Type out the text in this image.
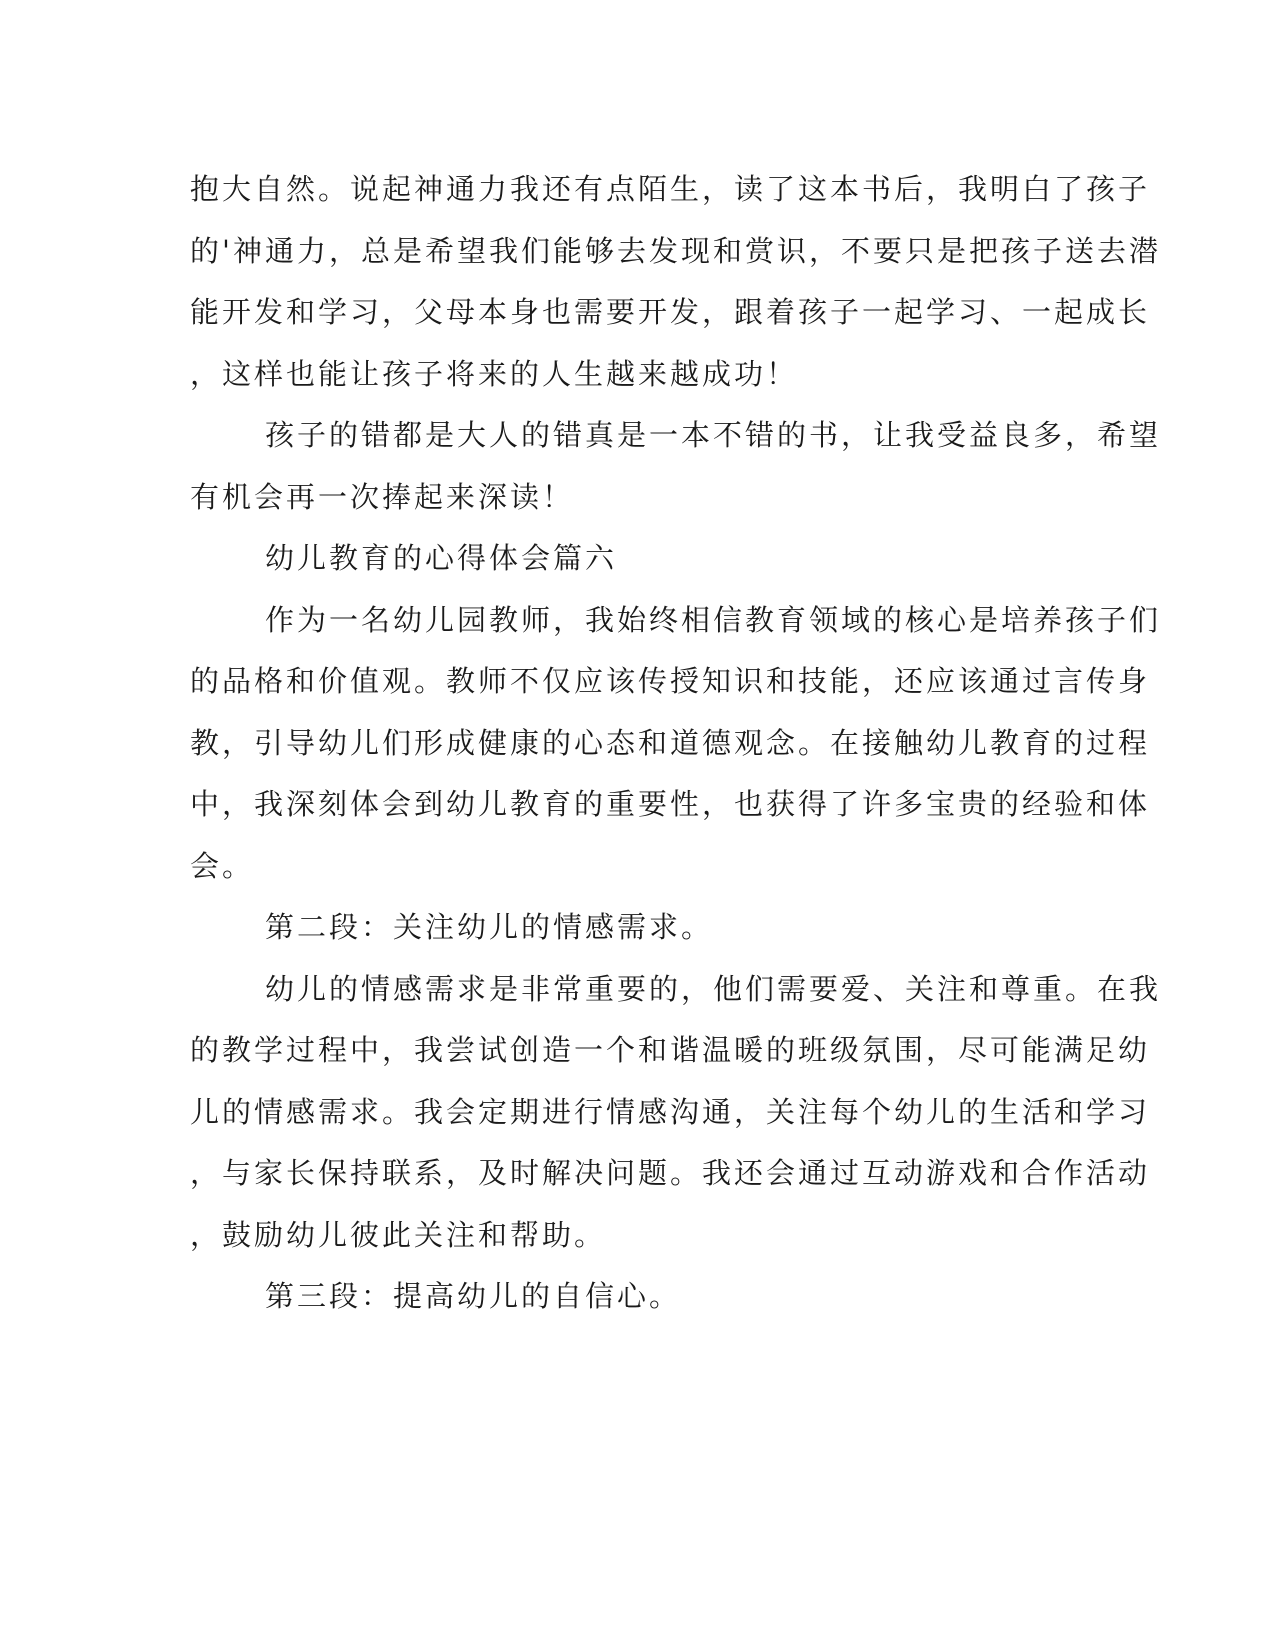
抱大自然。说起神通力我还有点陌生，读了这本书后，我明白了孩子
的'神通力，总是希望我们能够去发现和赏识，不要只是把孩子送去潜
能开发和学习，父母本身也需要开发，跟着孩子一起学习、一起成长
，这样也能让孩子将来的人生越来越成功！
孩子的错都是大人的错真是一本不错的书，让我受益良多，希望
有机会再一次捧起来深读！
幼儿教育的心得体会篇六
作为一名幼儿园教师，我始终相信教育领域的核心是培养孩子们
的品格和价值观。教师不仅应该传授知识和技能，还应该通过言传身
教，引导幼儿们形成健康的心态和道德观念。在接触幼儿教育的过程
中，我深刻体会到幼儿教育的重要性，也获得了许多宝贵的经验和体
会。
第二段：关注幼儿的情感需求。
幼儿的情感需求是非常重要的，他们需要爱、关注和尊重。在我
的教学过程中，我尝试创造一个和谐温暖的班级氛围，尽可能满足幼
儿的情感需求。我会定期进行情感沟通，关注每个幼儿的生活和学习
，与家长保持联系，及时解决问题。我还会通过互动游戏和合作活动
，鼓励幼儿彼此关注和帮助。
第三段：提高幼儿的自信心。
